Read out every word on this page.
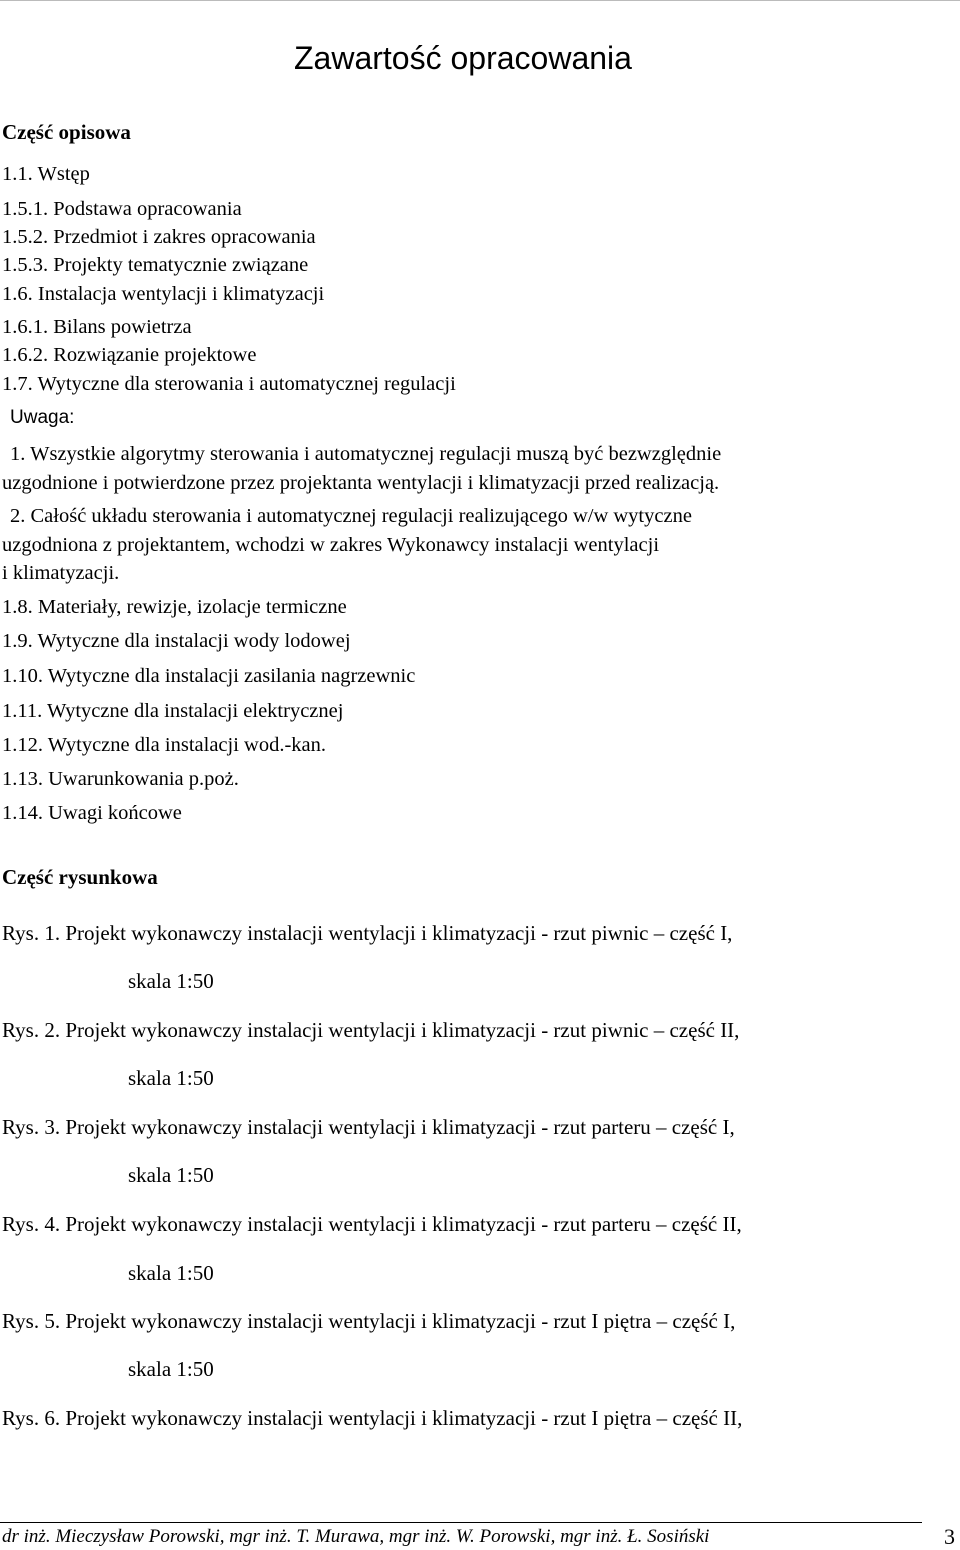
Zawartość opracowania
Część opisowa
1.1. Wstęp
1.5.1. Podstawa opracowania
1.5.2. Przedmiot i zakres opracowania
1.5.3. Projekty tematycznie związane
1.6. Instalacja wentylacji i klimatyzacji
1.6.1. Bilans powietrza
1.6.2. Rozwiązanie projektowe
1.7. Wytyczne dla sterowania i automatycznej regulacji
Uwaga:
1. Wszystkie algorytmy sterowania i automatycznej regulacji muszą być bezwzględnie
uzgodnione i potwierdzone przez projektanta wentylacji i klimatyzacji przed realizacją.
2. Całość układu sterowania i automatycznej regulacji realizującego w/w wytyczne
uzgodniona z projektantem, wchodzi w zakres Wykonawcy instalacji wentylacji
i klimatyzacji.
1.8. Materiały, rewizje, izolacje termiczne
1.9. Wytyczne dla instalacji wody lodowej
1.10. Wytyczne dla instalacji zasilania nagrzewnic
1.11. Wytyczne dla instalacji elektrycznej
1.12. Wytyczne dla instalacji wod.-kan.
1.13. Uwarunkowania p.poż.
1.14. Uwagi końcowe
Część rysunkowa
Rys. 1. Projekt wykonawczy instalacji wentylacji i klimatyzacji - rzut piwnic – część I,
skala 1:50
Rys. 2. Projekt wykonawczy instalacji wentylacji i klimatyzacji - rzut piwnic – część II,
skala 1:50
Rys. 3. Projekt wykonawczy instalacji wentylacji i klimatyzacji - rzut parteru – część I,
skala 1:50
Rys. 4. Projekt wykonawczy instalacji wentylacji i klimatyzacji - rzut parteru – część II,
skala 1:50
Rys. 5. Projekt wykonawczy instalacji wentylacji i klimatyzacji - rzut I piętra – część I,
skala 1:50
Rys. 6. Projekt wykonawczy instalacji wentylacji i klimatyzacji - rzut I piętra – część II,
dr inż. Mieczysław Porowski, mgr inż. T. Murawa, mgr inż. W. Porowski, mgr inż. Ł. Sosiński	3
